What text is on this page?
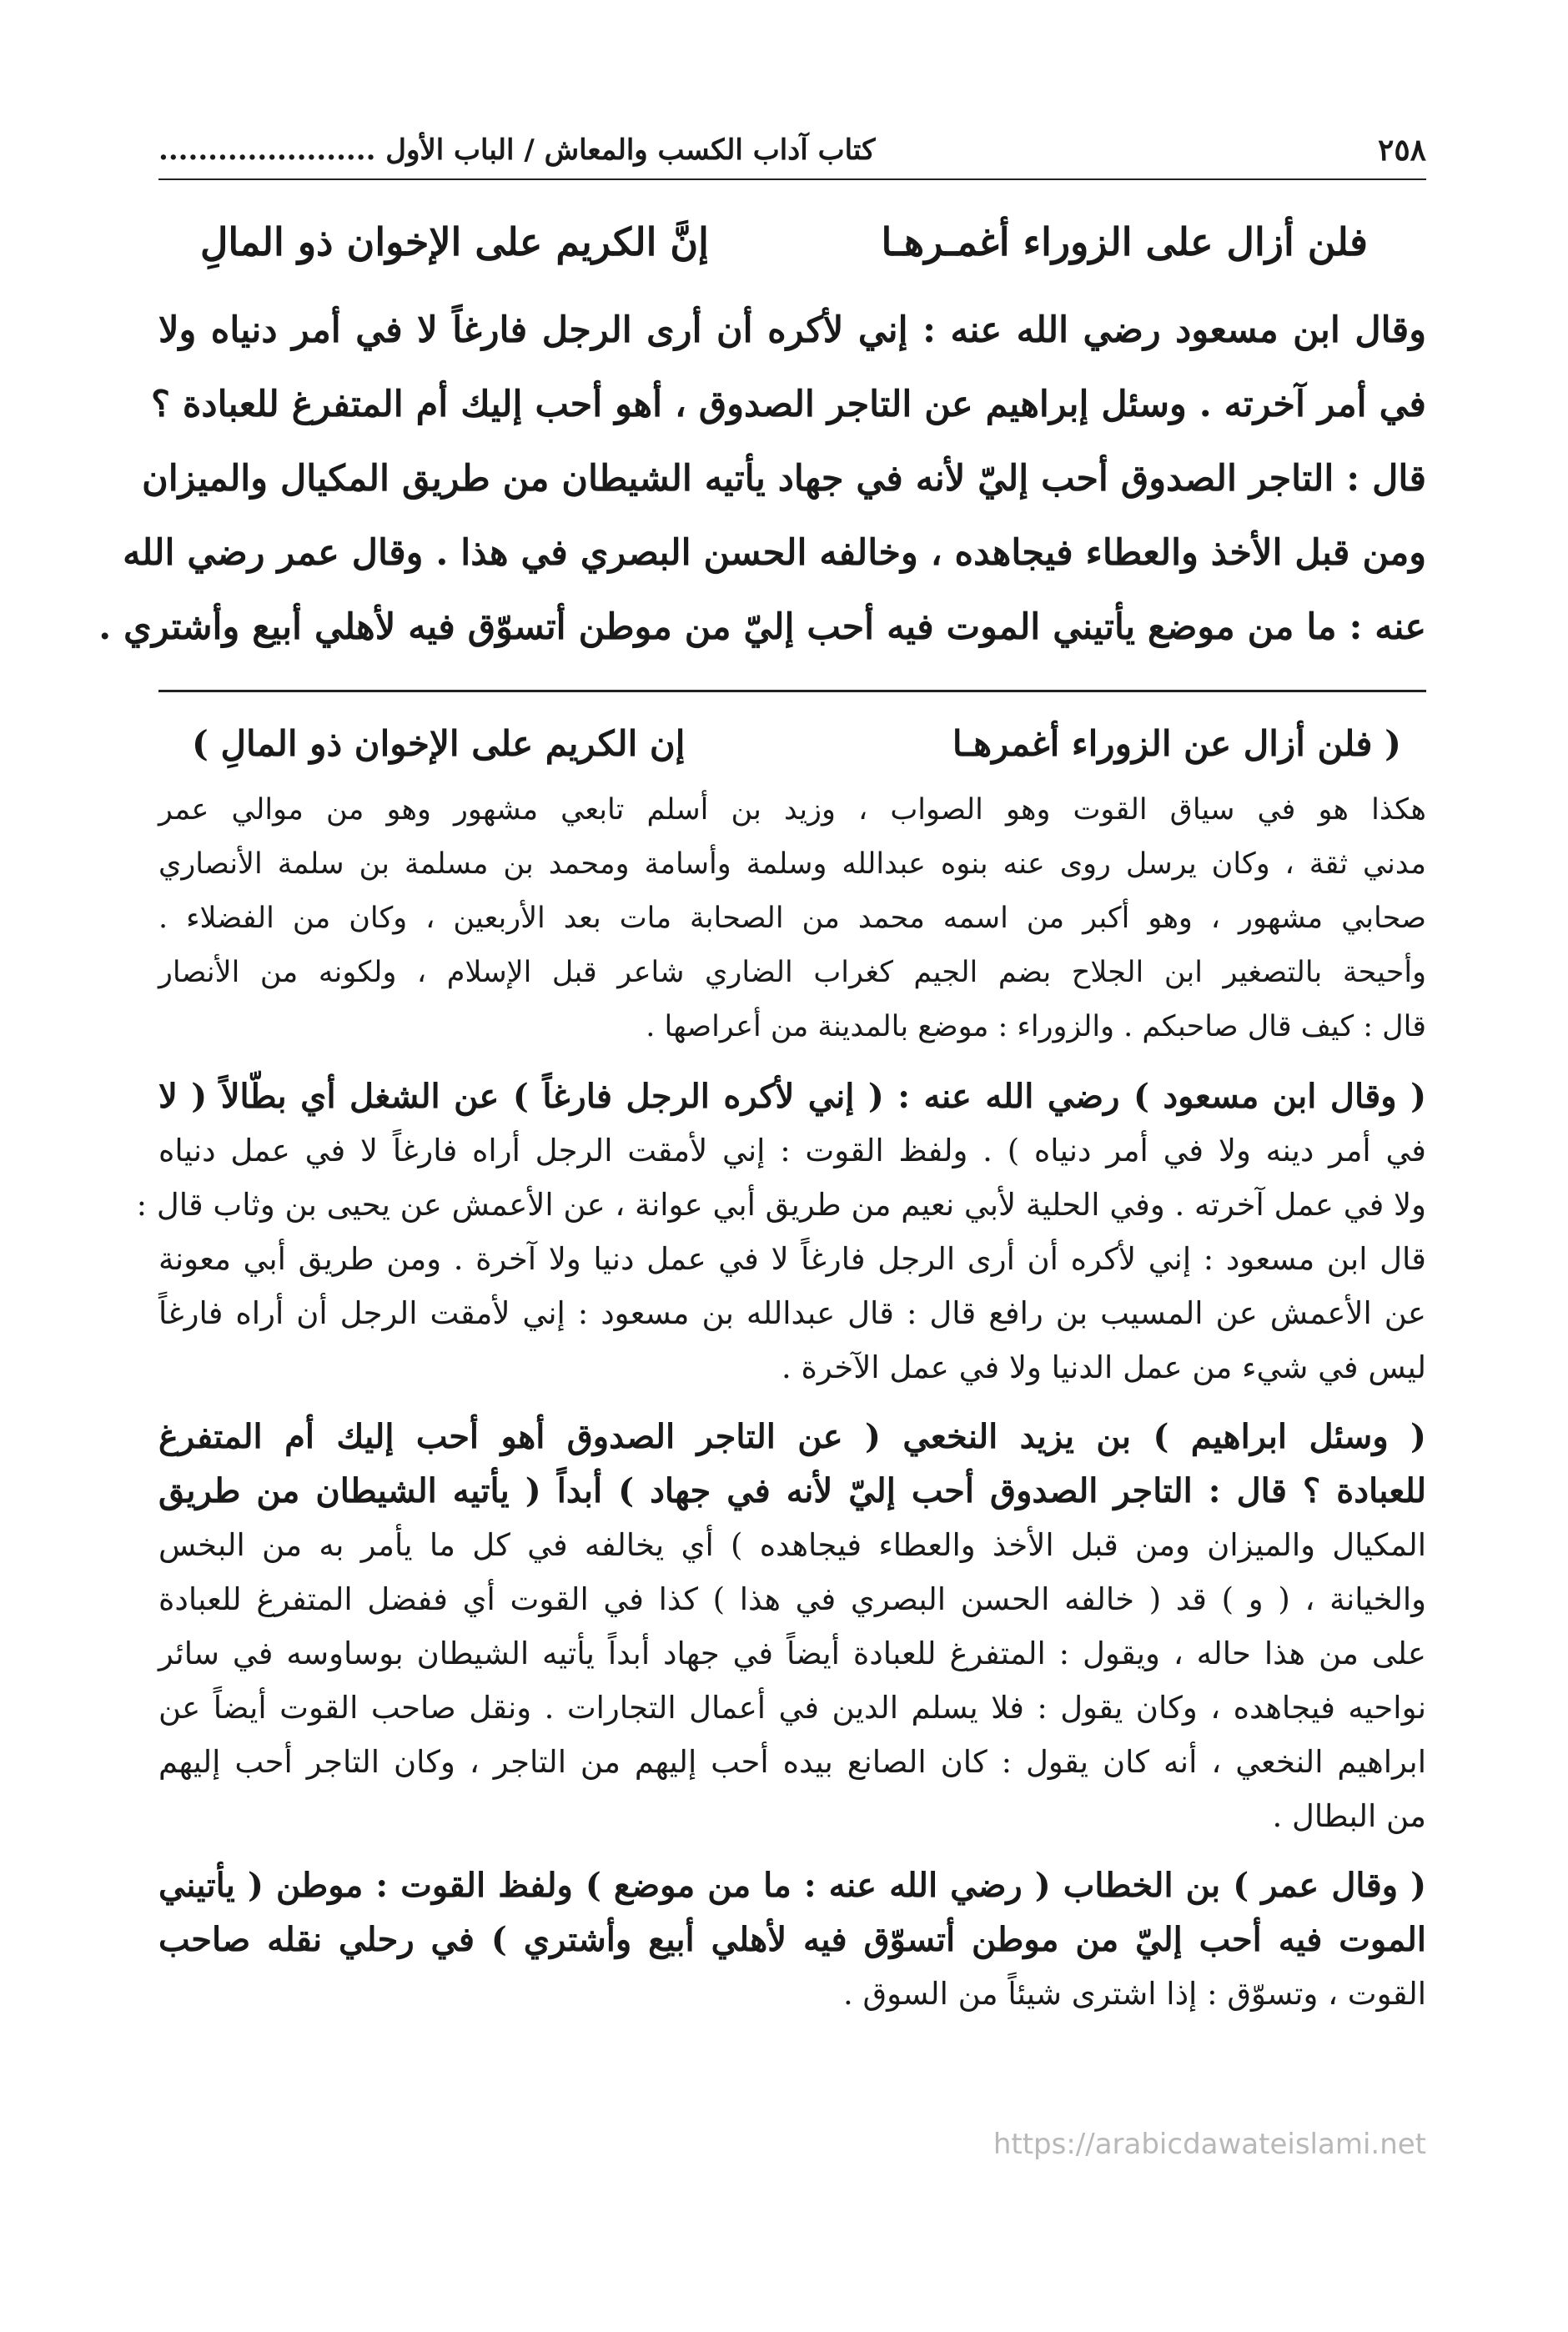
٢٥٨
كتاب آداب الكسب والمعاش / الباب الأول ......................
فلن أزال على الزوراء أغمـرهـا
إنَّ الكريم على الإخوان ذو المالِ

وقال ابن مسعود رضي الله عنه : إني لأكره أن أرى الرجل فارغاً لا في أمر دنياه ولا
في أمر آخرته . وسئل إبراهيم عن التاجر الصدوق ، أهو أحب إليك أم المتفرغ للعبادة ؟
قال : التاجر الصدوق أحب إليّ لأنه في جهاد يأتيه الشيطان من طريق المكيال والميزان
ومن قبل الأخذ والعطاء فيجاهده ، وخالفه الحسن البصري في هذا . وقال عمر رضي الله
عنه : ما من موضع يأتيني الموت فيه أحب إليّ من موطن أتسوّق فيه لأهلي أبيع وأشتري .

( فلن أزال عن الزوراء أغمرهـا
إن الكريم على الإخوان ذو المالِ )

هكذا هو في سياق القوت وهو الصواب ، وزيد بن أسلم تابعي مشهور وهو من موالي عمر
مدني ثقة ، وكان يرسل روى عنه بنوه عبدالله وسلمة وأسامة ومحمد بن مسلمة بن سلمة الأنصاري
صحابي مشهور ، وهو أكبر من اسمه محمد من الصحابة مات بعد الأربعين ، وكان من الفضلاء .
وأحيحة بالتصغير ابن الجلاح بضم الجيم كغراب الضاري شاعر قبل الإسلام ، ولكونه من الأنصار
قال : كيف قال صاحبكم . والزوراء : موضع بالمدينة من أعراصها .

( وقال ابن مسعود ) رضي الله عنه : ( إني لأكره الرجل فارغاً ) عن الشغل أي بطّالاً ( لا
في أمر دينه ولا في أمر دنياه ) . ولفظ القوت : إني لأمقت الرجل أراه فارغاً لا في عمل دنياه
ولا في عمل آخرته . وفي الحلية لأبي نعيم من طريق أبي عوانة ، عن الأعمش عن يحيى بن وثاب قال :
قال ابن مسعود : إني لأكره أن أرى الرجل فارغاً لا في عمل دنيا ولا آخرة . ومن طريق أبي معونة
عن الأعمش عن المسيب بن رافع قال : قال عبدالله بن مسعود : إني لأمقت الرجل أن أراه فارغاً
ليس في شيء من عمل الدنيا ولا في عمل الآخرة .

( وسئل ابراهيم ) بن يزيد النخعي ( عن التاجر الصدوق أهو أحب إليك أم المتفرغ
للعبادة ؟ قال : التاجر الصدوق أحب إليّ لأنه في جهاد ) أبداً ( يأتيه الشيطان من طريق
المكيال والميزان ومن قبل الأخذ والعطاء فيجاهده ) أي يخالفه في كل ما يأمر به من البخس
والخيانة ، ( و ) قد ( خالفه الحسن البصري في هذا ) كذا في القوت أي ففضل المتفرغ للعبادة
على من هذا حاله ، ويقول : المتفرغ للعبادة أيضاً في جهاد أبداً يأتيه الشيطان بوساوسه في سائر
نواحيه فيجاهده ، وكان يقول : فلا يسلم الدين في أعمال التجارات . ونقل صاحب القوت أيضاً عن
ابراهيم النخعي ، أنه كان يقول : كان الصانع بيده أحب إليهم من التاجر ، وكان التاجر أحب إليهم
من البطال .

( وقال عمر ) بن الخطاب ( رضي الله عنه : ما من موضع ) ولفظ القوت : موطن ( يأتيني
الموت فيه أحب إليّ من موطن أتسوّق فيه لأهلي أبيع وأشتري ) في رحلي نقله صاحب
القوت ، وتسوّق : إذا اشترى شيئاً من السوق .

https://arabicdawateislami.net
